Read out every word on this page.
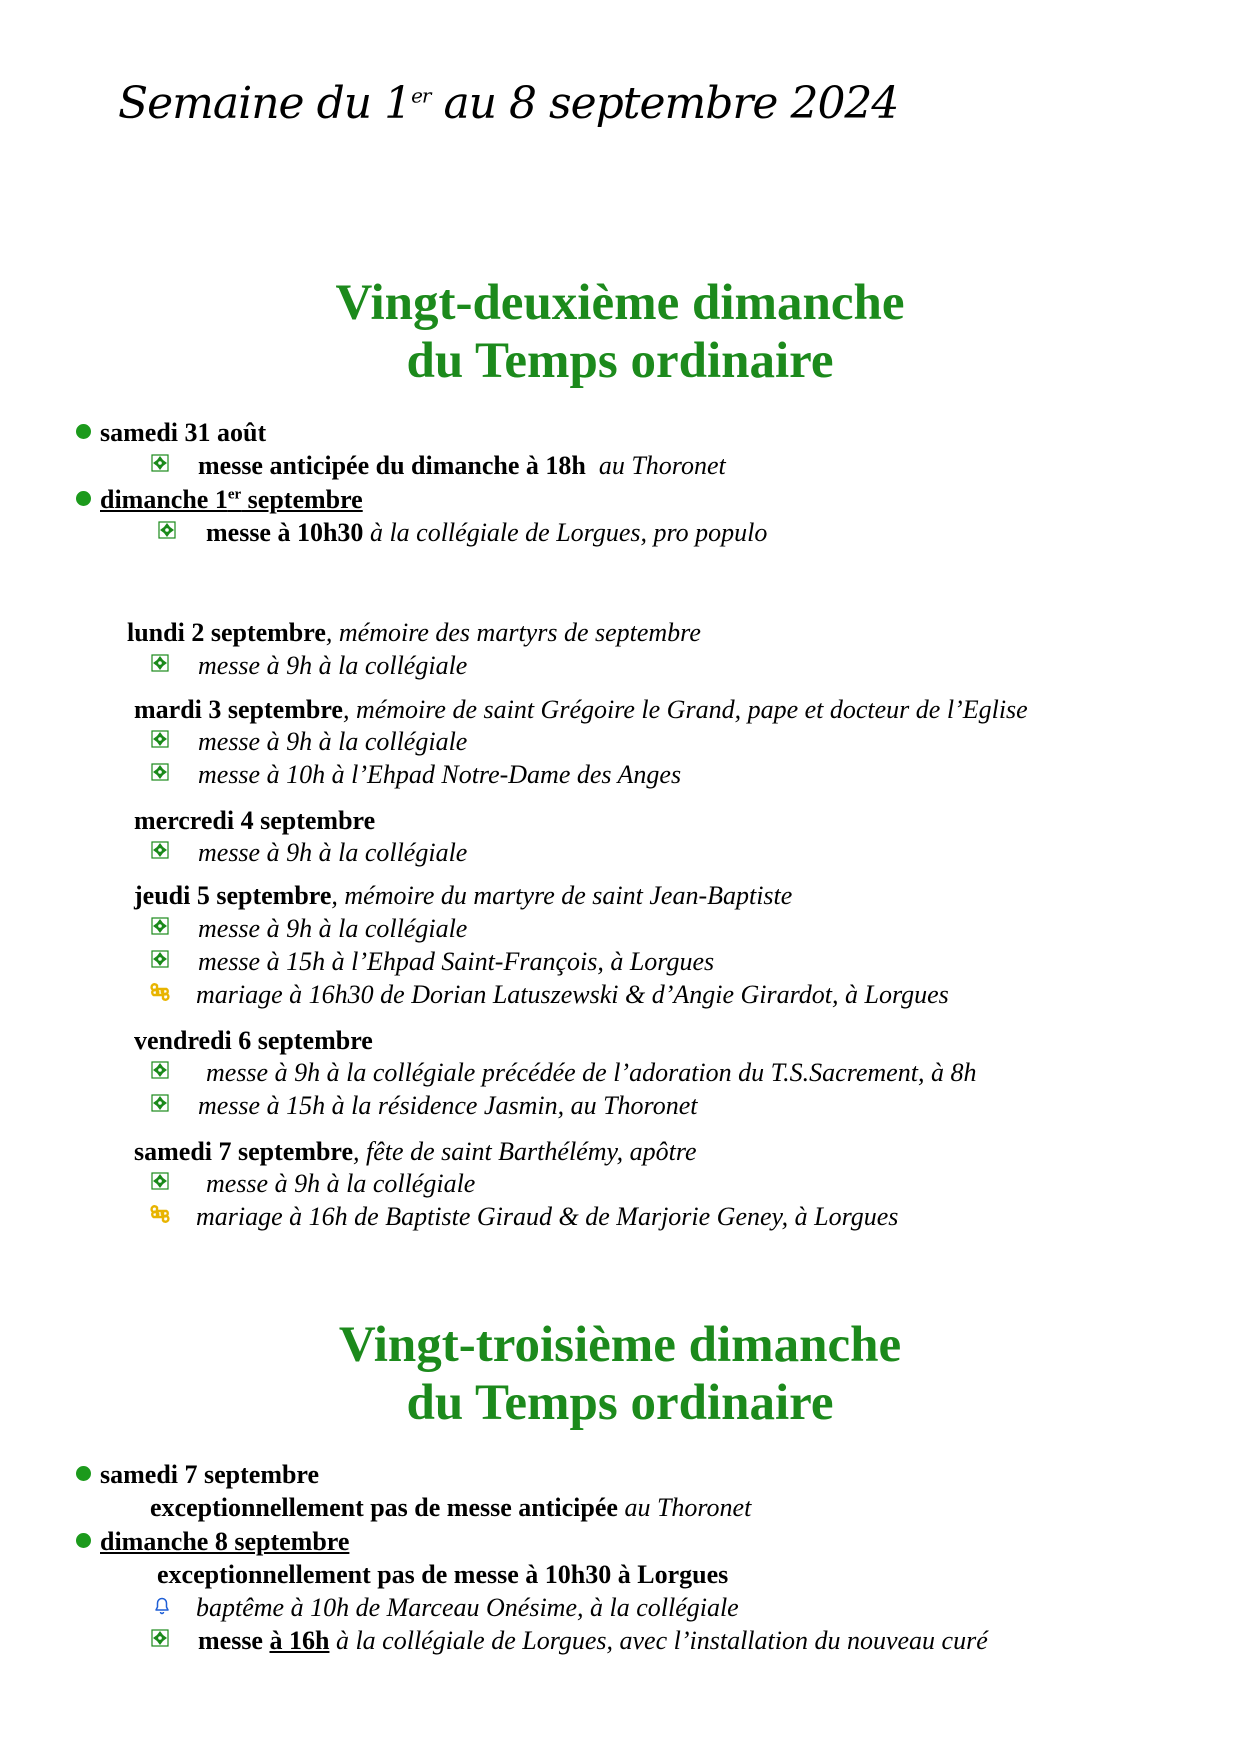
Semaine du 1er au 8 septembre 2024
Vingt-deuxième dimanche
du Temps ordinaire
samedi 31 août
messe anticipée du dimanche à 18h au Thoronet
dimanche 1er septembre
messe à 10h30 à la collégiale de Lorgues, pro populo
lundi 2 septembre, mémoire des martyrs de septembre
messe à 9h à la collégiale
mardi 3 septembre, mémoire de saint Grégoire le Grand, pape et docteur de l’Eglise
messe à 9h à la collégiale
messe à 10h à l’Ehpad Notre-Dame des Anges
mercredi 4 septembre
messe à 9h à la collégiale
jeudi 5 septembre, mémoire du martyre de saint Jean-Baptiste
messe à 9h à la collégiale
messe à 15h à l’Ehpad Saint-François, à Lorgues
mariage à 16h30 de Dorian Latuszewski & d’Angie Girardot, à Lorgues
vendredi 6 septembre
messe à 9h à la collégiale précédée de l’adoration du T.S.Sacrement, à 8h
messe à 15h à la résidence Jasmin, au Thoronet
samedi 7 septembre, fête de saint Barthélémy, apôtre
messe à 9h à la collégiale
mariage à 16h de Baptiste Giraud & de Marjorie Geney, à Lorgues
Vingt-troisième dimanche
du Temps ordinaire
samedi 7 septembre
exceptionnellement pas de messe anticipée au Thoronet
dimanche 8 septembre
exceptionnellement pas de messe à 10h30 à Lorgues
baptême à 10h de Marceau Onésime, à la collégiale
messe à 16h à la collégiale de Lorgues, avec l’installation du nouveau curé
